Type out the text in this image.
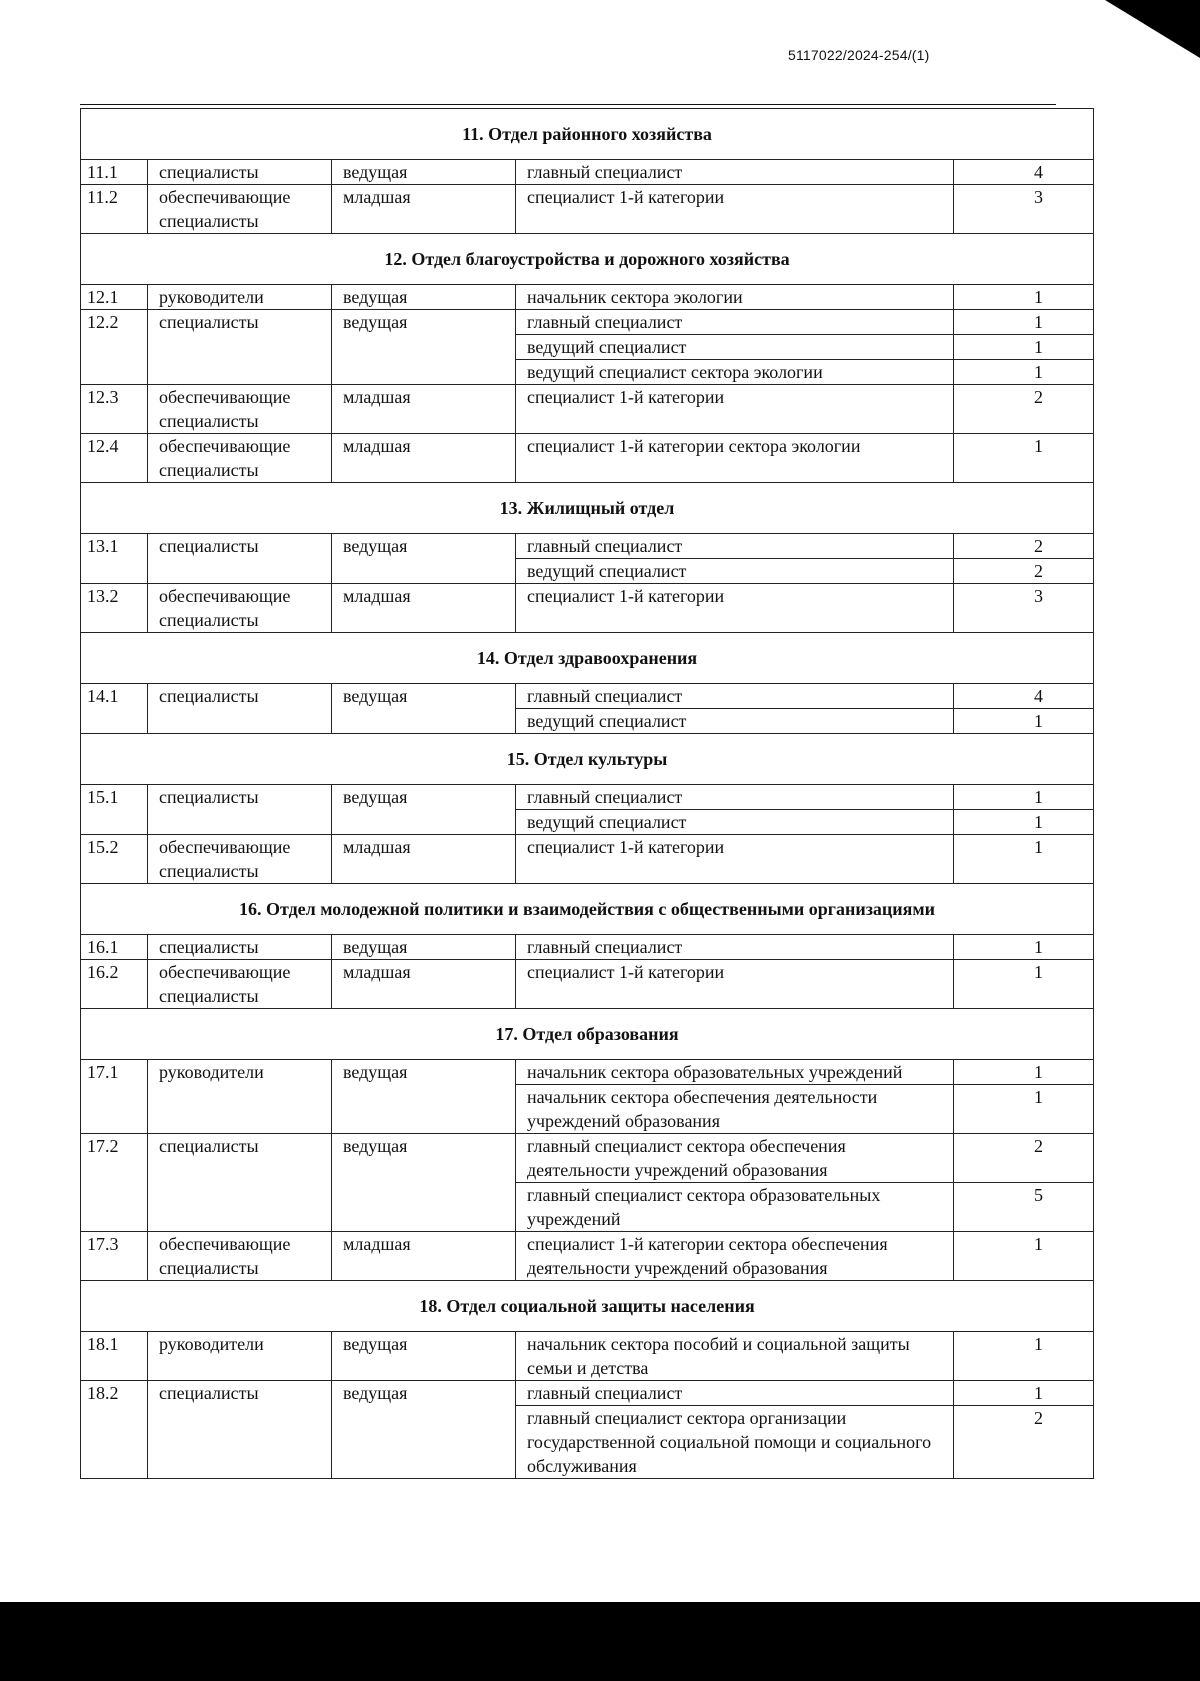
5117022/2024-254/(1)
11. Отдел районного хозяйства				
11.1	специалисты	ведущая	главный специалист	4
11.2	обеспечивающие специалисты	младшая	специалист 1-й категории	3
12. Отдел благоустройства и дорожного хозяйства				
12.1	руководители	ведущая	начальник сектора экологии	1
12.2	специалисты	ведущая	главный специалист	1
			ведущий специалист	1
			ведущий специалист сектора экологии	1
12.3	обеспечивающие специалисты	младшая	специалист 1-й категории	2
12.4	обеспечивающие специалисты	младшая	специалист 1-й категории сектора экологии	1
13. Жилищный отдел				
13.1	специалисты	ведущая	главный специалист	2
			ведущий специалист	2
13.2	обеспечивающие специалисты	младшая	специалист 1-й категории	3
14. Отдел здравоохранения				
14.1	специалисты	ведущая	главный специалист	4
			ведущий специалист	1
15. Отдел культуры				
15.1	специалисты	ведущая	главный специалист	1
			ведущий специалист	1
15.2	обеспечивающие специалисты	младшая	специалист 1-й категории	1
16. Отдел молодежной политики и взаимодействия с общественными организациями				
16.1	специалисты	ведущая	главный специалист	1
16.2	обеспечивающие специалисты	младшая	специалист 1-й категории	1
17. Отдел образования				
17.1	руководители	ведущая	начальник сектора образовательных учреждений	1
			начальник сектора обеспечения деятельности учреждений образования	1
17.2	специалисты	ведущая	главный специалист сектора обеспечения деятельности учреждений образования	2
			главный специалист сектора образовательных учреждений	5
17.3	обеспечивающие специалисты	младшая	специалист 1-й категории сектора обеспечения деятельности учреждений образования	1
18. Отдел социальной защиты населения				
18.1	руководители	ведущая	начальник сектора пособий и социальной защиты семьи и детства	1
18.2	специалисты	ведущая	главный специалист	1
			главный специалист сектора организации государственной социальной помощи и социального обслуживания	2
